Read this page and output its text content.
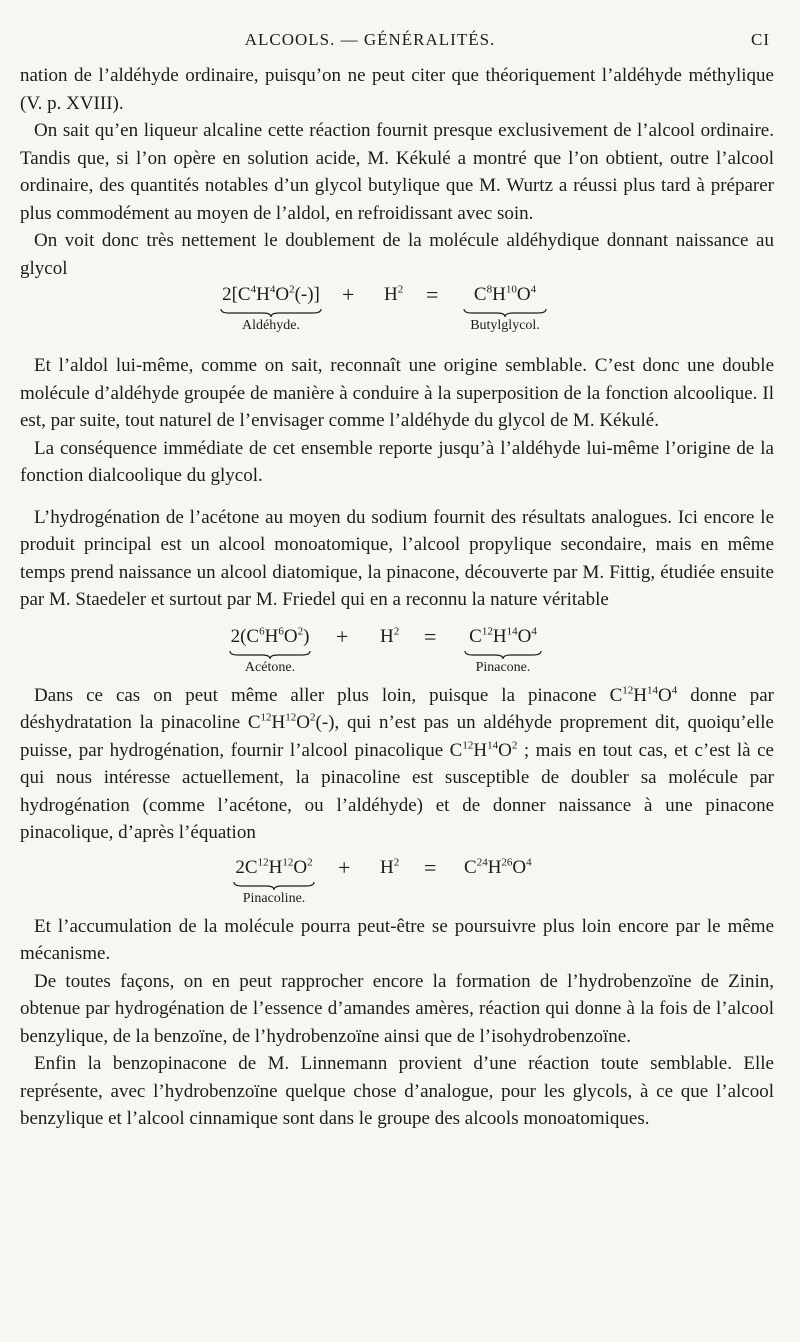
ALCOOLS. — GÉNÉRALITÉS.	CI

nation de l’aldéhyde ordinaire, puisqu’on ne peut citer que théoriquement l’aldéhyde méthylique (V. p. XVIII).

On sait qu’en liqueur alcaline cette réaction fournit presque exclusivement de l’alcool ordinaire. Tandis que, si l’on opère en solution acide, M. Kékulé a montré que l’on obtient, outre l’alcool ordinaire, des quantités notables d’un glycol butylique que M. Wurtz a réussi plus tard à préparer plus commodément au moyen de l’aldol, en refroidissant avec soin.

On voit donc très nettement le doublement de la molécule aldéhydique donnant naissance au glycol

$2[C^4H^4O^2(-)]$
Aldéhyde.
+ $H^2$ =	$C^8H^{10}O^4$
Butylglycol.

Et l’aldol lui-même, comme on sait, reconnaît une origine semblable. C’est donc une double molécule d’aldéhyde groupée de manière à conduire à la superposition de la fonction alcoolique. Il est, par suite, tout naturel de l’envisager comme l’aldéhyde du glycol de M. Kékulé.

La conséquence immédiate de cet ensemble reporte jusqu’à l’aldéhyde lui-même l’origine de la fonction dialcoolique du glycol.

L’hydrogénation de l’acétone au moyen du sodium fournit des résultats analogues. Ici encore le produit principal est un alcool monoatomique, l’alcool propylique secondaire, mais en même temps prend naissance un alcool diatomique, la pinacone, découverte par M. Fittig, étudiée ensuite par M. Staedeler et surtout par M. Friedel qui en a reconnu la nature véritable

$2(C^6H^6O^2)$
Acétone.
+ $H^2$ =	$C^{12}H^{14}O^4$
Pinacone.

Dans ce cas on peut même aller plus loin, puisque la pinacone $C^{12}H^{14}O^4$ donne par déshydratation la pinacoline $C^{12}H^{12}O^2(-)$, qui n’est pas un aldéhyde proprement dit, quoiqu’elle puisse, par hydrogénation, fournir l’alcool pinacolique $C^{12}H^{14}O^2$ ; mais en tout cas, et c’est là ce qui nous intéresse actuellement, la pinacoline est susceptible de doubler sa molécule par hydrogénation (comme l’acétone, ou l’aldéhyde) et de donner naissance à une pinacone pinacolique, d’après l’équation

$2C^{12}H^{12}O^2$
Pinacoline.
+ $H^2 = C^{24}H^{26}O^4$

Et l’accumulation de la molécule pourra peut-être se poursuivre plus loin encore par le même mécanisme.

De toutes façons, on en peut rapprocher encore la formation de l’hydrobenzoïne de Zinin, obtenue par hydrogénation de l’essence d’amandes amères, réaction qui donne à la fois de l’alcool benzylique, de la benzoïne, de l’hydrobenzoïne ainsi que de l’isohydrobenzoïne.

Enfin la benzopinacone de M. Linnemann provient d’une réaction toute semblable. Elle représente, avec l’hydrobenzoïne quelque chose d’analogue, pour les glycols, à ce que l’alcool benzylique et l’alcool cinnamique sont dans le groupe des alcools monoatomiques.
